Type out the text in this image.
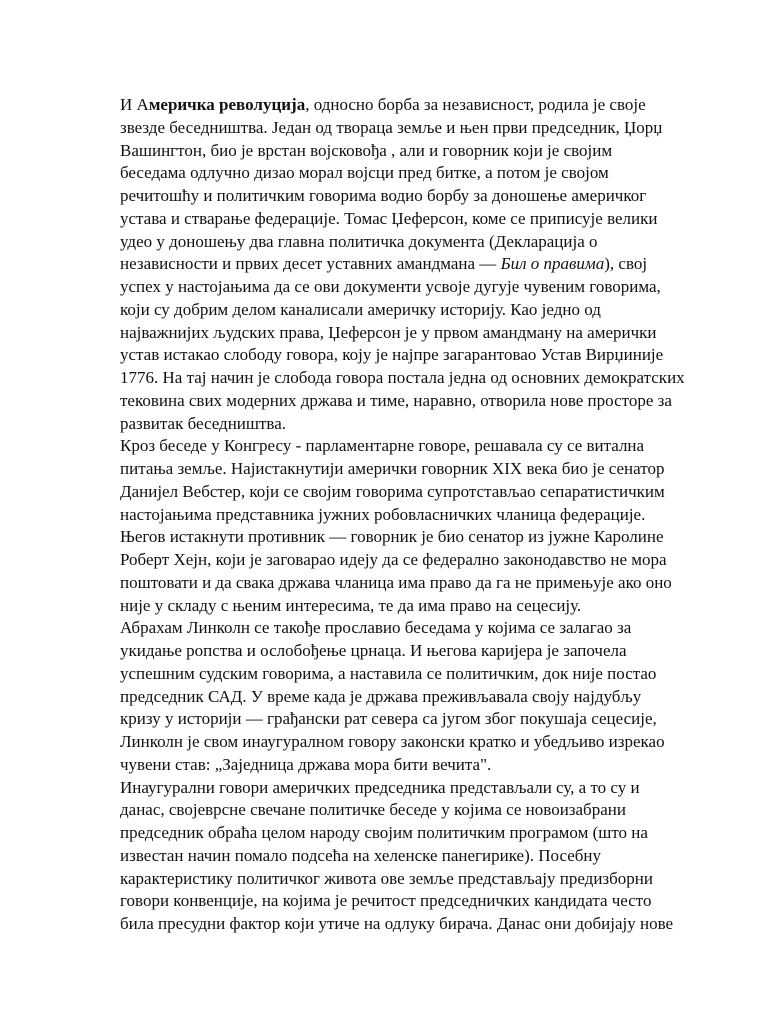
И Америчка револуција, односно борба за независност, родила је своје
звезде беседништва. Један од твораца земље и њен први председник, Џорџ
Вашингтон, био је врстан војсковођа , али и говорник који је својим
беседама одлучно дизао морал војсци пред битке, а потом је својом
речитошћу и политичким говорима водио борбу за доношење америчког
устава и стварање федерације. Томас Џеферсон, коме се приписује велики
удео у доношењу два главна политичка документа (Декларација о
независности и првих десет уставних амандмана — Бил о правима), свој
успех у настојањима да се ови документи усвоје дугује чувеним говорима,
који су добрим делом каналисали америчку историју. Као једно од
најважнијих људских права, Џеферсон је у првом амандману на амерички
устав истакао слободу говора, коју је најпре загарантовао Устав Вирџиније
1776. На тај начин је слобода говора постала једна од основних демократских
тековина свих модерних држава и тиме, наравно, отворила нове просторе за
развитак беседништва.

Кроз беседе у Конгресу - парламентарне говоре, решавала су се витална
питања земље. Најистакнутији амерички говорник XIX века био је сенатор
Данијел Вебстер, који се својим говорима супротстављао сепаратистичким
настојањима представника јужних робовласничких чланица федерације.
Његов истакнути противник — говорник је био сенатор из јужне Каролине
Роберт Хејн, који је заговарао идеју да се федерално законодавство не мора
поштовати и да свака држава чланица има право да га не примењује ако оно
није у складу с њеним интересима, те да има право на сецесију.

Абрахам Линколн се такође прославио беседама у којима се залагао за
укидање ропства и ослобођење црнаца. И његова каријера је започела
успешним судским говорима, а наставила се политичким, док није постао
председник САД. У време када је држава преживљавала своју најдубљу
кризу у историји — грађански рат севера са југом због покушаја сецесије,
Линколн је свом инаугуралном говору законски кратко и убедљиво изрекао
чувени став: „Заједница држава мора бити вечита".

Инаугурални говори америчких председника представљали су, а то су и
данас, својеврсне свечане политичке беседе у којима се новоизабрани
председник обраћа целом народу својим политичким програмом (што на
известан начин помало подсећа на хеленске панегирике). Посебну
карактеристику политичког живота ове земље представљају предизборни
говори конвенције, на којима је речитост председничких кандидата често
била пресудни фактор који утиче на одлуку бирача. Данас они добијају нове
